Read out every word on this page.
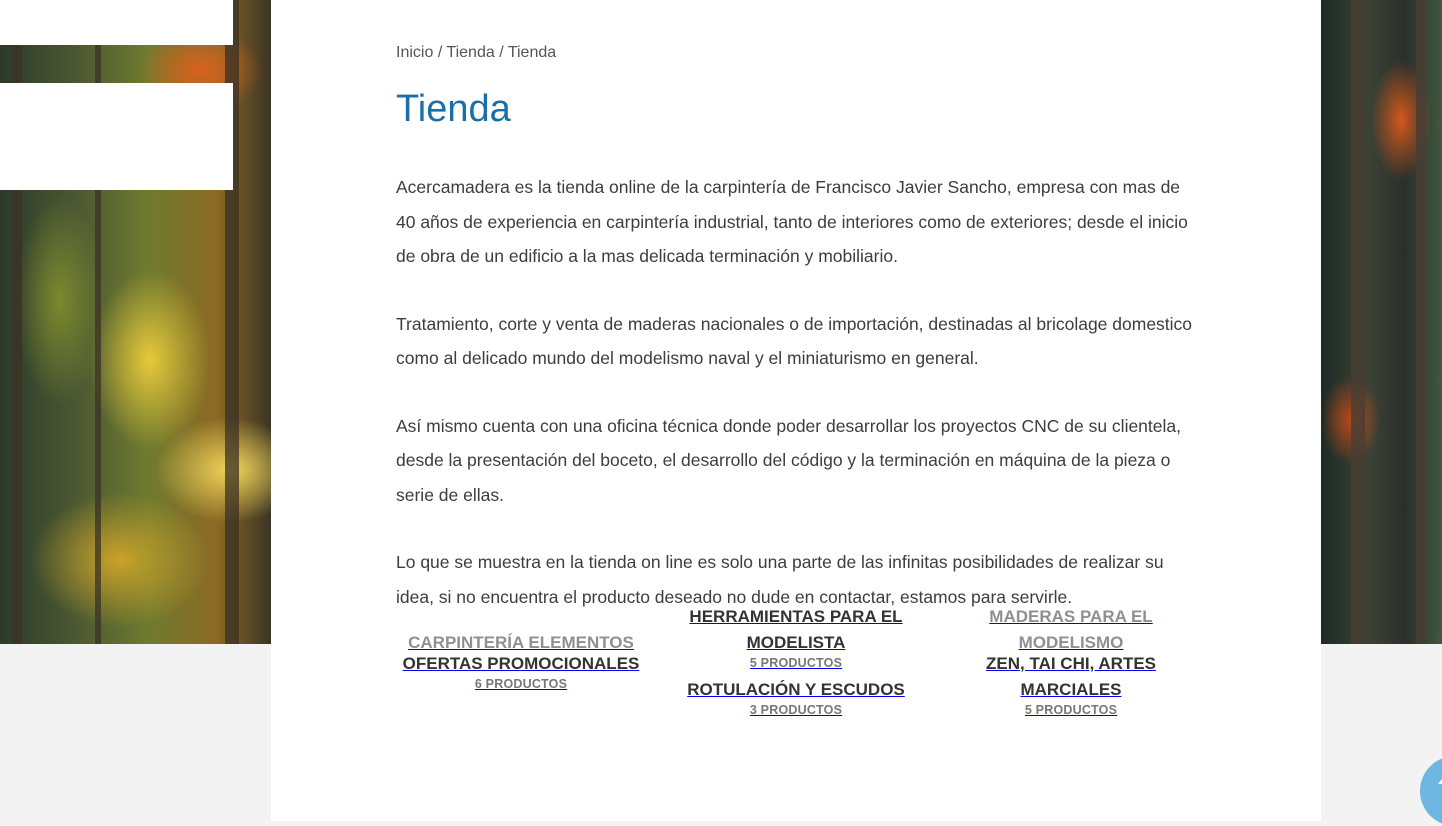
Inicio / Tienda / Tienda
Tienda

Acercamadera es la tienda online de la carpintería de Francisco Javier Sancho, empresa con mas de 40 años de experiencia en carpintería industrial, tanto de interiores como de exteriores; desde el inicio de obra de un edificio a la mas delicada terminación y mobiliario.

Tratamiento, corte y venta de maderas nacionales o de importación, destinadas al bricolage domestico como al delicado mundo del modelismo naval y el miniaturismo en general.

Así mismo cuenta con una oficina técnica donde poder desarrollar los proyectos CNC de su clientela, desde la presentación del boceto, el desarrollo del código y la terminación en máquina de la pieza o serie de ellas.

Lo que se muestra en la tienda on line es solo una parte de las infinitas posibilidades de realizar su idea, si no encuentra el producto deseado no dude en contactar, estamos para servirle.

CARPINTERÍA ELEMENTOS
HERRAMIENTAS PARA EL MODELISTA
5 PRODUCTOS
MADERAS PARA EL MODELISMO
OFERTAS PROMOCIONALES
6 PRODUCTOS	ROTULACIÓN Y ESCUDOS
3 PRODUCTOS
ZEN, TAI CHI, ARTES MARCIALES
5 PRODUCTOS
